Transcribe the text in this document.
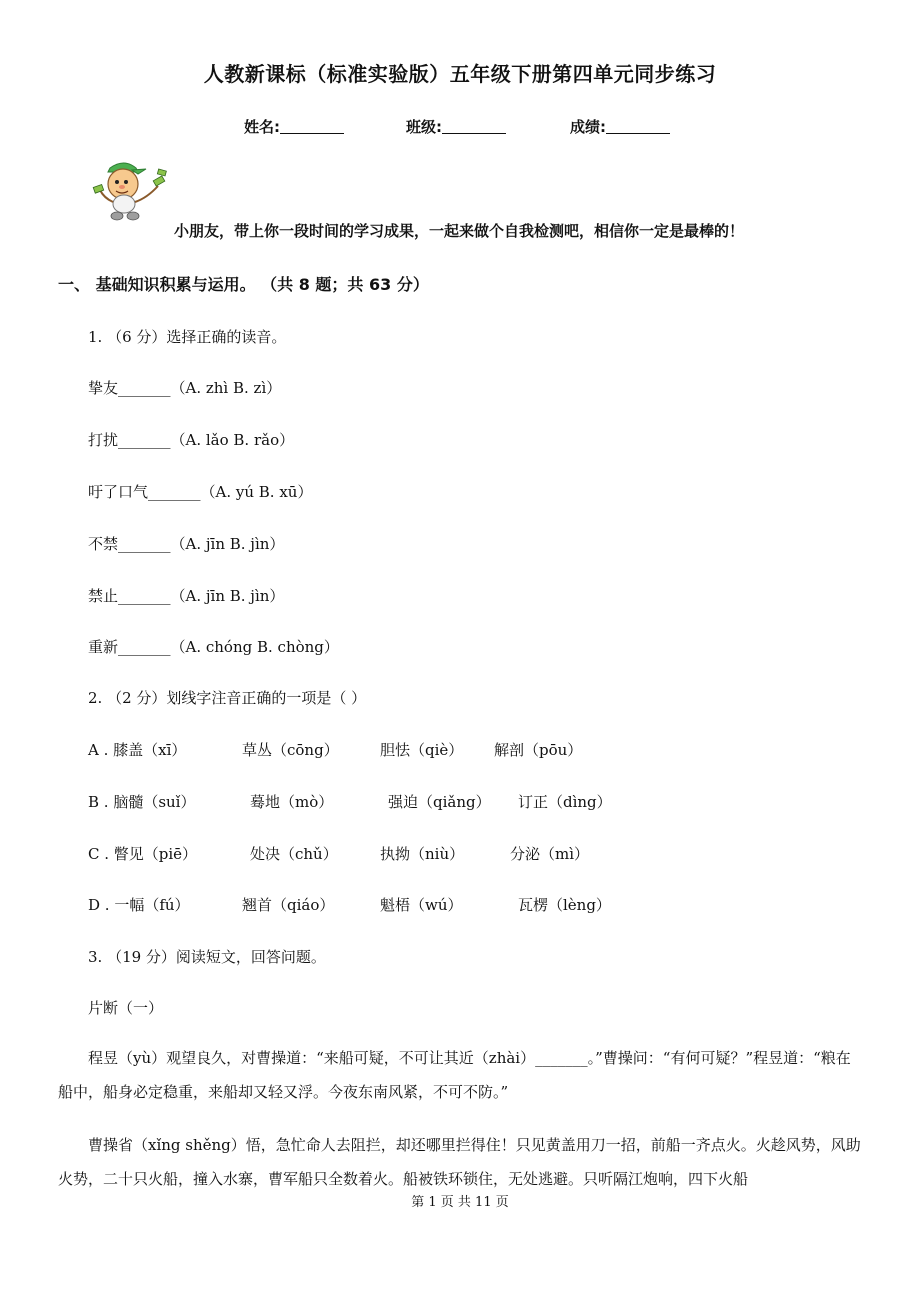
人教新课标（标准实验版）五年级下册第四单元同步练习
姓名:	班级:	成绩:
小朋友，带上你一段时间的学习成果，一起来做个自我检测吧，相信你一定是最棒的！
一、 基础知识积累与运用。 （共 8 题；共 63 分）
1. （6 分）选择正确的读音。
挚友_______（A. zhì B. zì）
打扰_______（A. lǎo B. rǎo）
吁了口气_______（A. yú B. xū）
不禁_______（A. jīn B. jìn）
禁止_______（A. jīn B. jìn）
重新_______（A. chóng B. chòng）
2. （2 分）划线字注音正确的一项是（ ）
A . 膝盖（xī）	草丛（cōng）	胆怯（qiè） 解剖（pōu）
B . 脑髓（suǐ）	蓦地（mò）	强迫（qiǎng） 订正（dìng）
C . 瞥见（piē）	处决（chǔ）	执拗（niù）	分泌（mì）
D . 一幅（fú）	翘首（qiáo）	魁梧（wú）	瓦楞（lèng）
3. （19 分）阅读短文，回答问题。
片断（一）
程昱（yù）观望良久，对曹操道：“来船可疑，不可让其近（zhài）_______。”曹操问：“有何可疑？”程昱道：“粮在船中，船身必定稳重，来船却又轻又浮。今夜东南风紧，不可不防。”
曹操省（xǐng shěng）悟，急忙命人去阻拦，却还哪里拦得住！只见黄盖用刀一招，前船一齐点火。火趁风势，风助火势，二十只火船，撞入水寨，曹军船只全数着火。船被铁环锁住，无处逃避。只听隔江炮响，四下火船
第 1 页 共 11 页
